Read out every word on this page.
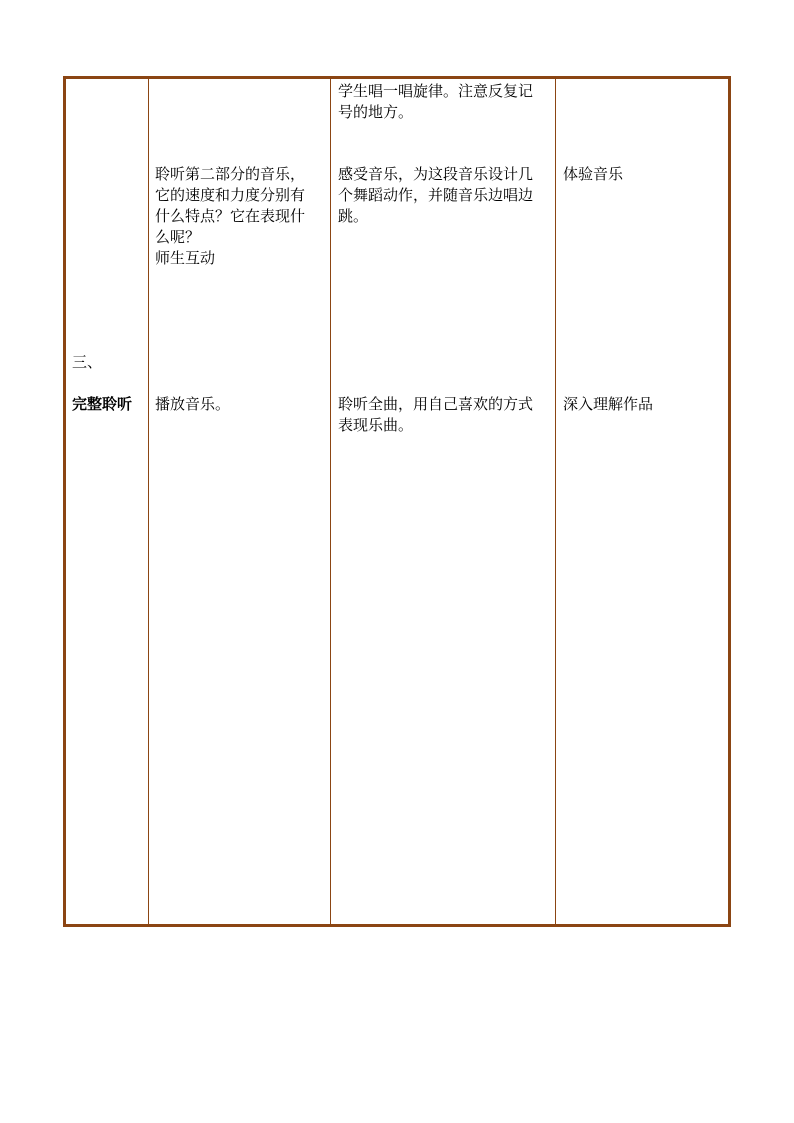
学生唱一唱旋律。注意反复记
号的地方。
聆听第二部分的音乐，
它的速度和力度分别有
什么特点？它在表现什
么呢？
师生互动
感受音乐，为这段音乐设计几
个舞蹈动作，并随音乐边唱边
跳。
体验音乐
三、
完整聆听	播放音乐。	聆听全曲，用自己喜欢的方式
表现乐曲。
深入理解作品
